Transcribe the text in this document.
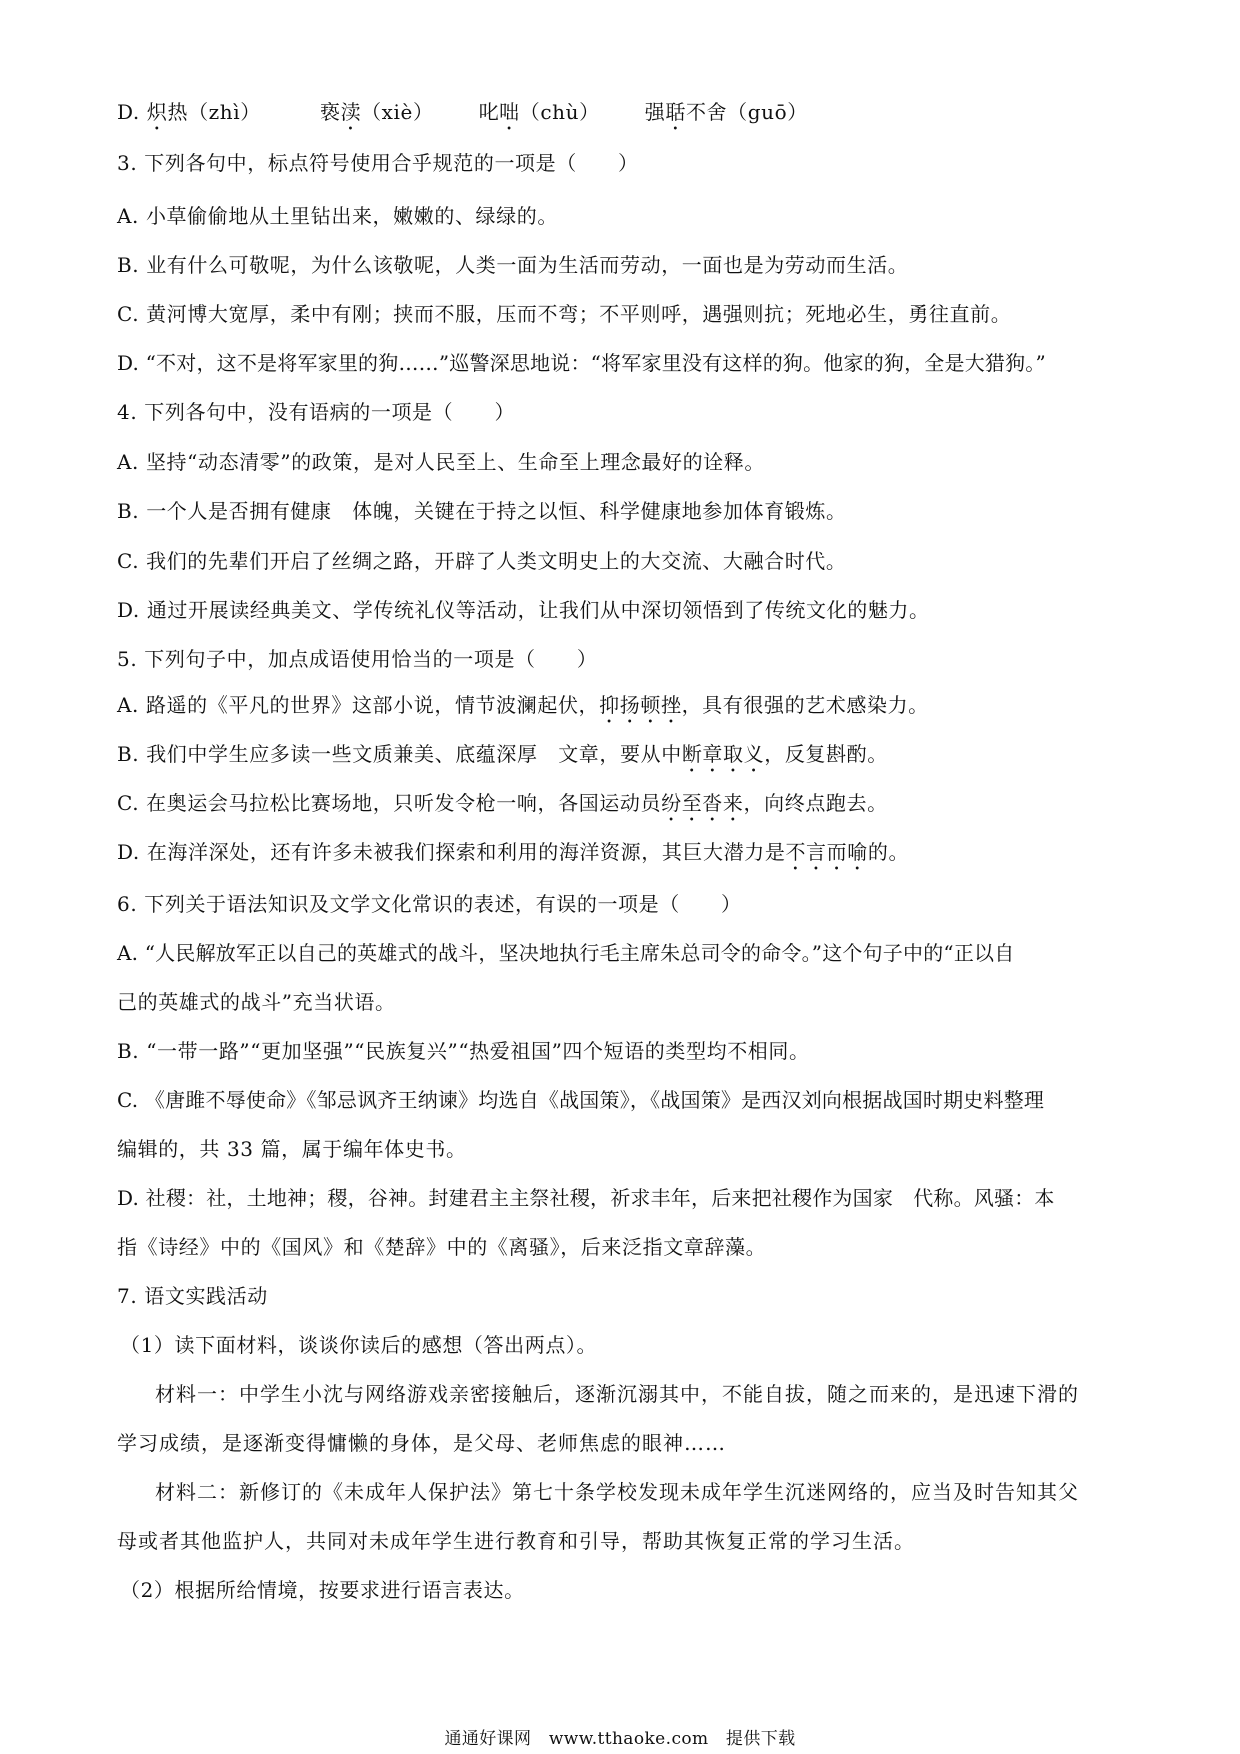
D. 炽热（zhì）	亵渎（xiè） 叱咄（chù） 强聒不舍（guō）
3. 下列各句中，标点符号使用合乎规范的一项是（　　）
A. 小草偷偷地从土里钻出来，嫩嫩的、绿绿的。
B. 业有什么可敬呢，为什么该敬呢，人类一面为生活而劳动，一面也是为劳动而生活。
C. 黄河博大宽厚，柔中有刚；挟而不服，压而不弯；不平则呼，遇强则抗；死地必生，勇往直前。
D. “不对，这不是将军家里的狗……”巡警深思地说：“将军家里没有这样的狗。他家的狗，全是大猎狗。”
4. 下列各句中，没有语病的一项是（　　）
A. 坚持“动态清零”的政策，是对人民至上、生命至上理念最好的诠释。
B. 一个人是否拥有健康　体魄，关键在于持之以恒、科学健康地参加体育锻炼。
C. 我们的先辈们开启了丝绸之路，开辟了人类文明史上的大交流、大融合时代。
D. 通过开展读经典美文、学传统礼仪等活动，让我们从中深切领悟到了传统文化的魅力。
5. 下列句子中，加点成语使用恰当的一项是（　　）
A. 路遥的《平凡的世界》这部小说，情节波澜起伏，抑扬顿挫，具有很强的艺术感染力。
B. 我们中学生应多读一些文质兼美、底蕴深厚　文章，要从中断章取义，反复斟酌。
C. 在奥运会马拉松比赛场地，只听发令枪一响，各国运动员纷至沓来，向终点跑去。
D. 在海洋深处，还有许多未被我们探索和利用的海洋资源，其巨大潜力是不言而喻的。
6. 下列关于语法知识及文学文化常识的表述，有误的一项是（　　）
A. “人民解放军正以自己的英雄式的战斗，坚决地执行毛主席朱总司令的命令。”这个句子中的“正以自
己的英雄式的战斗”充当状语。
B. “一带一路”“更加坚强”“民族复兴”“热爱祖国”四个短语的类型均不相同。
C. 《唐雎不辱使命》《邹忌讽齐王纳谏》均选自《战国策》，《战国策》是西汉刘向根据战国时期史料整理
编辑的，共 33 篇，属于编年体史书。
D. 社稷：社，土地神；稷，谷神。封建君主主祭社稷，祈求丰年，后来把社稷作为国家　代称。风骚：本
指《诗经》中的《国风》和《楚辞》中的《离骚》，后来泛指文章辞藻。
7. 语文实践活动
（1）读下面材料，谈谈你读后的感想（答出两点）。
材料一：中学生小沈与网络游戏亲密接触后，逐渐沉溺其中，不能自拔，随之而来的，是迅速下滑的
学习成绩，是逐渐变得慵懒的身体，是父母、老师焦虑的眼神……
材料二：新修订的《未成年人保护法》第七十条学校发现未成年学生沉迷网络的，应当及时告知其父
母或者其他监护人，共同对未成年学生进行教育和引导，帮助其恢复正常的学习生活。
（2）根据所给情境，按要求进行语言表达。
通通好课网　www.tthaoke.com　提供下载
